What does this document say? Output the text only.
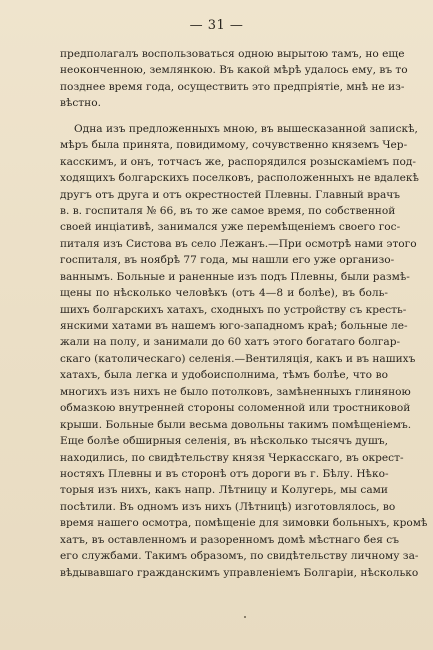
— 31 —
предполагалъ воспользоваться одною вырытою тамъ, но еще
неоконченною, землянкою. Въ какой мѣрѣ удалось ему, въ то
позднее время года, осуществить это предпріятіе, мнѣ не из-
вѣстно.
Одна изъ предложенныхъ мною, въ вышесказанной запискѣ,
мѣръ была принята, повидимому, сочувственно княземъ Чер-
касскимъ, и онъ, тотчасъ же, распорядился розыскаміемъ под-
ходящихъ болгарскихъ поселковъ, расположенныхъ не вдалекѣ
другъ отъ друга и отъ окрестностей Плевны. Главный врачъ
в. в. госпиталя № 66, въ то же самое время, по собственной
своей инціативѣ, занимался уже перемѣщеніемъ своего гос-
питаля изъ Систова въ село Лежанъ.—При осмотрѣ нами этого
госпиталя, въ ноябрѣ 77 года, мы нашли его уже организо-
ваннымъ. Больные и раненные изъ подъ Плевны, были размѣ-
щены по нѣсколько человѣкъ (отъ 4—8 и болѣе), въ боль-
шихъ болгарскихъ хатахъ, сходныхъ по устройству съ кресть-
янскими хатами въ нашемъ юго-западномъ краѣ; больные ле-
жали на полу, и занимали до 60 хатъ этого богатаго болгар-
скаго (католическаго) селенія.—Вентиляція, какъ и въ нашихъ
хатахъ, была легка и удобоисполнима, тѣмъ болѣе, что во
многихъ изъ нихъ не было потолковъ, замѣненныхъ глиняною
обмазкою внутренней стороны соломенной или тростниковой
крыши. Больные были весьма довольны такимъ помѣщеніемъ.
Еще болѣе обширныя селенія, въ нѣсколько тысячъ душъ,
находились, по свидѣтельству князя Черкасскаго, въ окрест-
ностяхъ Плевны и въ сторонѣ отъ дороги въ г. Бѣлу. Нѣко-
торыя изъ нихъ, какъ напр. Лѣтницу и Колугерь, мы сами
посѣтили. Въ одномъ изъ нихъ (Лѣтницѣ) изготовлялось, во
время нашего осмотра, помѣщеніе для зимовки больныхъ, кромѣ
хатъ, въ оставленномъ и разоренномъ домѣ мѣстнаго бея съ
его службами. Такимъ образомъ, по свидѣтельству личному за-
вѣдывавшаго гражданскимъ управленіемъ Болгаріи, нѣсколько
